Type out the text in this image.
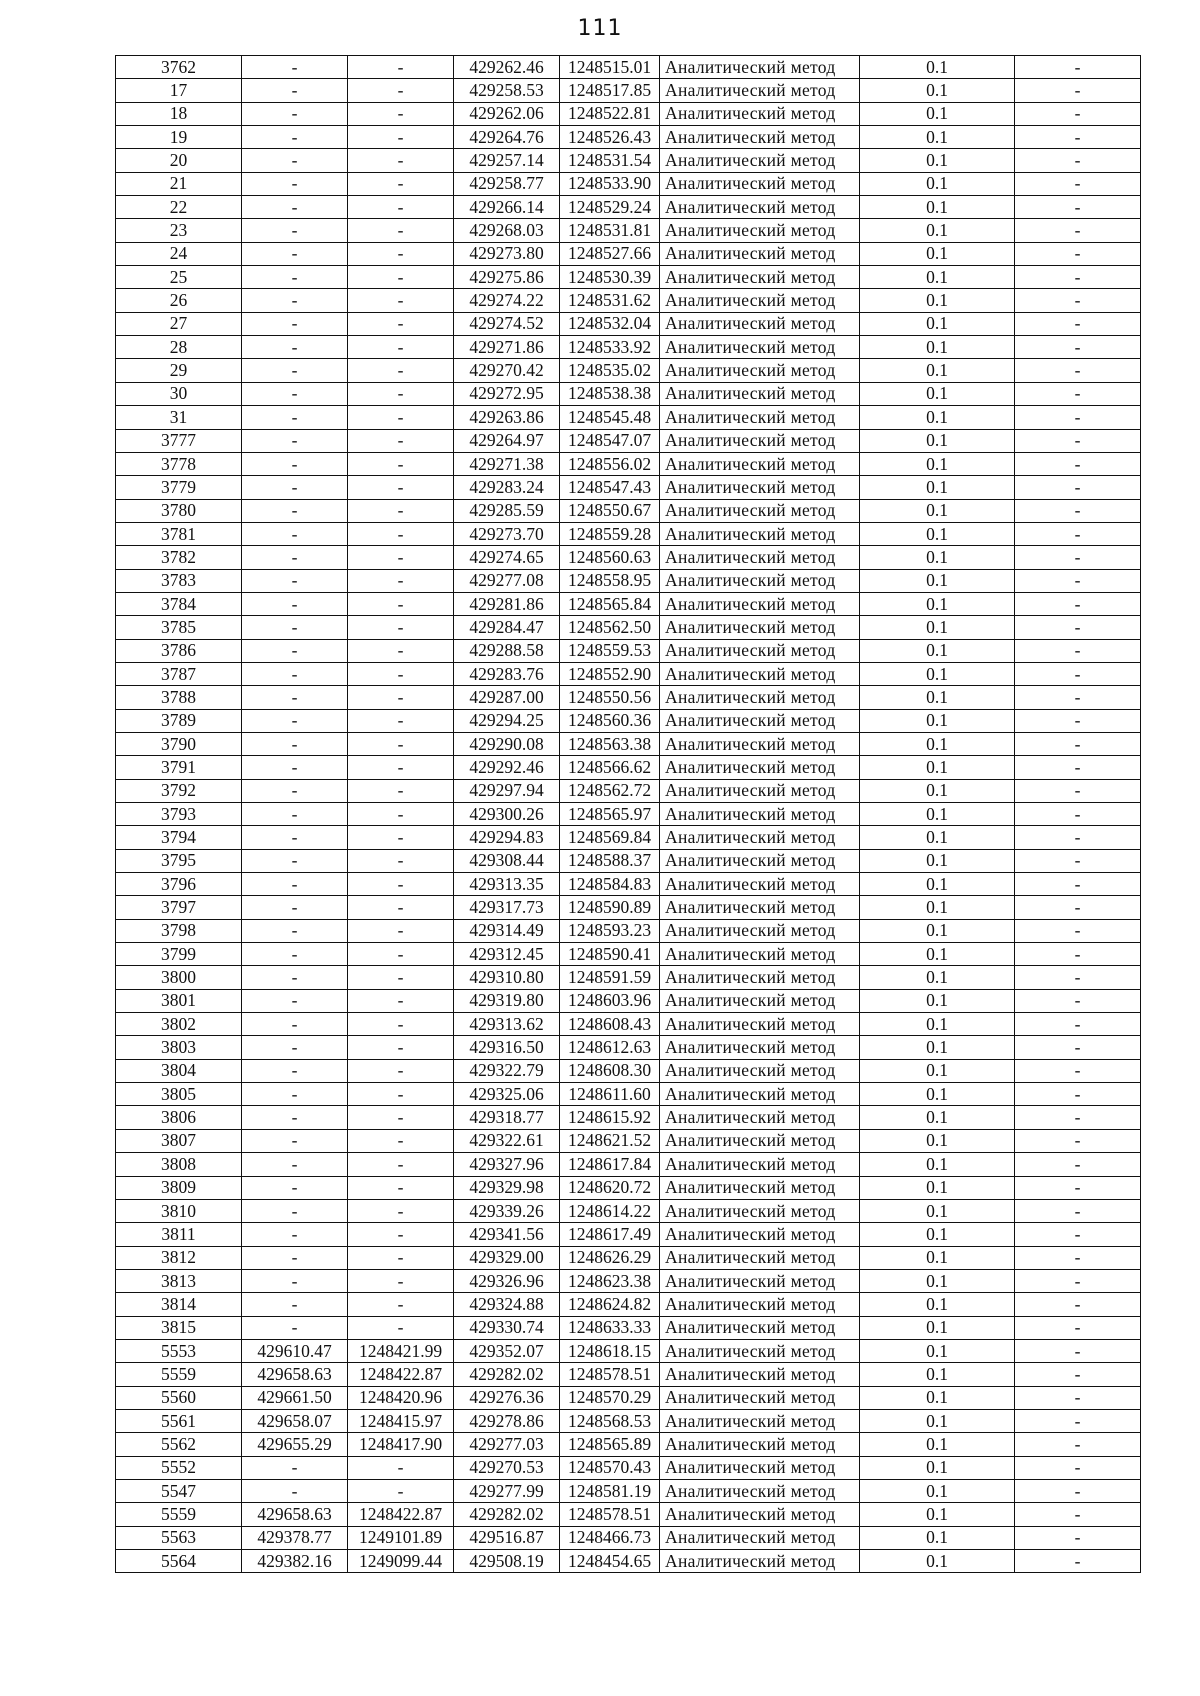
111
3762	-	-	429262.46	1248515.01	Аналитический метод	0.1	-
17	-	-	429258.53	1248517.85	Аналитический метод	0.1	-
18	-	-	429262.06	1248522.81	Аналитический метод	0.1	-
19	-	-	429264.76	1248526.43	Аналитический метод	0.1	-
20	-	-	429257.14	1248531.54	Аналитический метод	0.1	-
21	-	-	429258.77	1248533.90	Аналитический метод	0.1	-
22	-	-	429266.14	1248529.24	Аналитический метод	0.1	-
23	-	-	429268.03	1248531.81	Аналитический метод	0.1	-
24	-	-	429273.80	1248527.66	Аналитический метод	0.1	-
25	-	-	429275.86	1248530.39	Аналитический метод	0.1	-
26	-	-	429274.22	1248531.62	Аналитический метод	0.1	-
27	-	-	429274.52	1248532.04	Аналитический метод	0.1	-
28	-	-	429271.86	1248533.92	Аналитический метод	0.1	-
29	-	-	429270.42	1248535.02	Аналитический метод	0.1	-
30	-	-	429272.95	1248538.38	Аналитический метод	0.1	-
31	-	-	429263.86	1248545.48	Аналитический метод	0.1	-
3777	-	-	429264.97	1248547.07	Аналитический метод	0.1	-
3778	-	-	429271.38	1248556.02	Аналитический метод	0.1	-
3779	-	-	429283.24	1248547.43	Аналитический метод	0.1	-
3780	-	-	429285.59	1248550.67	Аналитический метод	0.1	-
3781	-	-	429273.70	1248559.28	Аналитический метод	0.1	-
3782	-	-	429274.65	1248560.63	Аналитический метод	0.1	-
3783	-	-	429277.08	1248558.95	Аналитический метод	0.1	-
3784	-	-	429281.86	1248565.84	Аналитический метод	0.1	-
3785	-	-	429284.47	1248562.50	Аналитический метод	0.1	-
3786	-	-	429288.58	1248559.53	Аналитический метод	0.1	-
3787	-	-	429283.76	1248552.90	Аналитический метод	0.1	-
3788	-	-	429287.00	1248550.56	Аналитический метод	0.1	-
3789	-	-	429294.25	1248560.36	Аналитический метод	0.1	-
3790	-	-	429290.08	1248563.38	Аналитический метод	0.1	-
3791	-	-	429292.46	1248566.62	Аналитический метод	0.1	-
3792	-	-	429297.94	1248562.72	Аналитический метод	0.1	-
3793	-	-	429300.26	1248565.97	Аналитический метод	0.1	-
3794	-	-	429294.83	1248569.84	Аналитический метод	0.1	-
3795	-	-	429308.44	1248588.37	Аналитический метод	0.1	-
3796	-	-	429313.35	1248584.83	Аналитический метод	0.1	-
3797	-	-	429317.73	1248590.89	Аналитический метод	0.1	-
3798	-	-	429314.49	1248593.23	Аналитический метод	0.1	-
3799	-	-	429312.45	1248590.41	Аналитический метод	0.1	-
3800	-	-	429310.80	1248591.59	Аналитический метод	0.1	-
3801	-	-	429319.80	1248603.96	Аналитический метод	0.1	-
3802	-	-	429313.62	1248608.43	Аналитический метод	0.1	-
3803	-	-	429316.50	1248612.63	Аналитический метод	0.1	-
3804	-	-	429322.79	1248608.30	Аналитический метод	0.1	-
3805	-	-	429325.06	1248611.60	Аналитический метод	0.1	-
3806	-	-	429318.77	1248615.92	Аналитический метод	0.1	-
3807	-	-	429322.61	1248621.52	Аналитический метод	0.1	-
3808	-	-	429327.96	1248617.84	Аналитический метод	0.1	-
3809	-	-	429329.98	1248620.72	Аналитический метод	0.1	-
3810	-	-	429339.26	1248614.22	Аналитический метод	0.1	-
3811	-	-	429341.56	1248617.49	Аналитический метод	0.1	-
3812	-	-	429329.00	1248626.29	Аналитический метод	0.1	-
3813	-	-	429326.96	1248623.38	Аналитический метод	0.1	-
3814	-	-	429324.88	1248624.82	Аналитический метод	0.1	-
3815	-	-	429330.74	1248633.33	Аналитический метод	0.1	-
5553	429610.47	1248421.99	429352.07	1248618.15	Аналитический метод	0.1	-
5559	429658.63	1248422.87	429282.02	1248578.51	Аналитический метод	0.1	-
5560	429661.50	1248420.96	429276.36	1248570.29	Аналитический метод	0.1	-
5561	429658.07	1248415.97	429278.86	1248568.53	Аналитический метод	0.1	-
5562	429655.29	1248417.90	429277.03	1248565.89	Аналитический метод	0.1	-
5552	-	-	429270.53	1248570.43	Аналитический метод	0.1	-
5547	-	-	429277.99	1248581.19	Аналитический метод	0.1	-
5559	429658.63	1248422.87	429282.02	1248578.51	Аналитический метод	0.1	-
5563	429378.77	1249101.89	429516.87	1248466.73	Аналитический метод	0.1	-
5564	429382.16	1249099.44	429508.19	1248454.65	Аналитический метод	0.1	-
